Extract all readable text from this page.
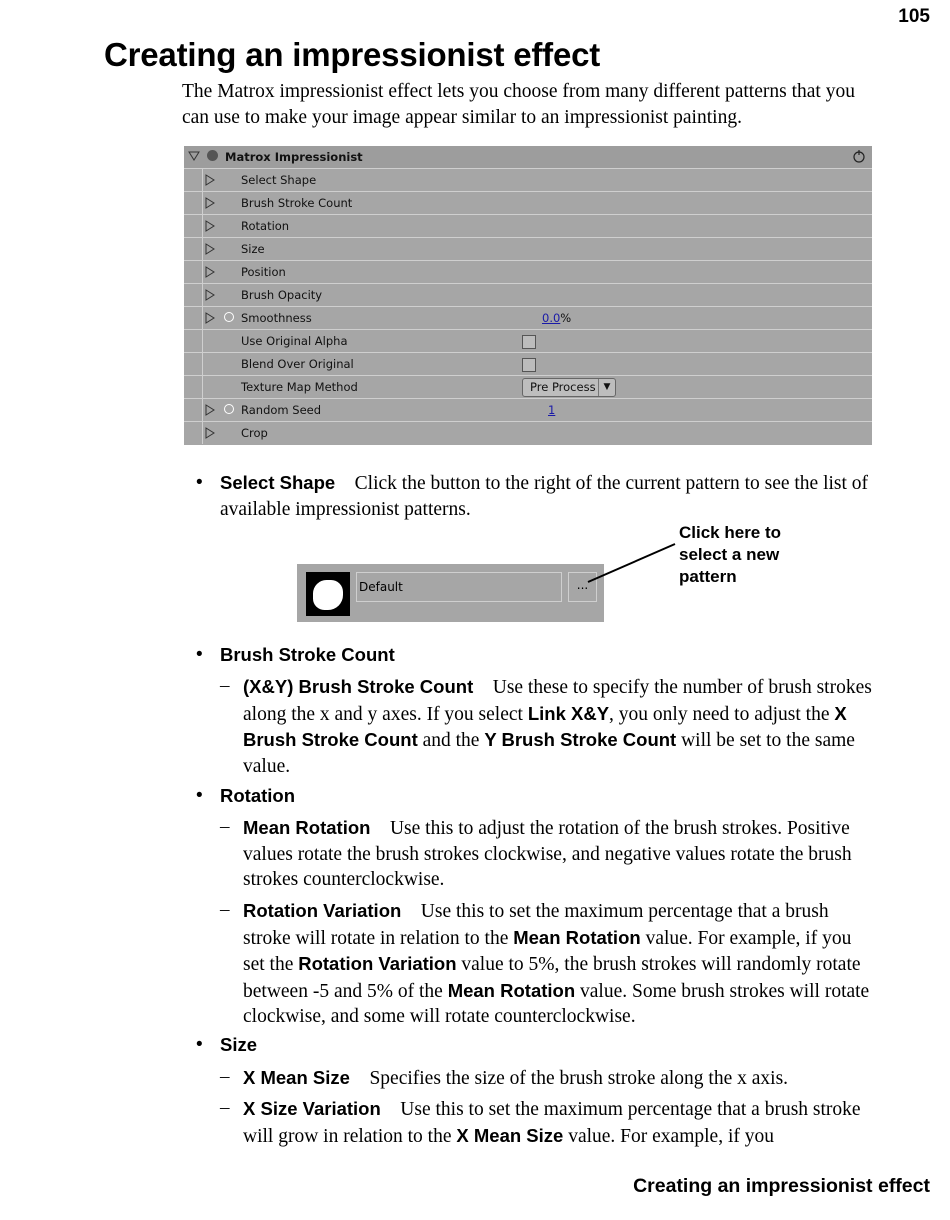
105
Creating an impressionist effect

The Matrox impressionist effect lets you choose from many different patterns that you can use to make your image appear similar to an impressionist painting.

Matrox Impressionist
Select Shape
Brush Stroke Count
Rotation
Size
Position
Brush Opacity
Smoothness	0.0%
Use Original Alpha
Blend Over Original
Texture Map Method	Pre Process ▼
Random Seed	1
Crop
• Select Shape Click the button to the right of the current pattern to see the list of available impressionist patterns.
Default	...
Click here to select a new pattern
• Brush Stroke Count
– (X&Y) Brush Stroke Count Use these to specify the number of brush strokes along the x and y axes. If you select Link X&Y, you only need to adjust the X Brush Stroke Count and the Y Brush Stroke Count will be set to the same value.
• Rotation
– Mean Rotation Use this to adjust the rotation of the brush strokes. Positive values rotate the brush strokes clockwise, and negative values rotate the brush strokes counterclockwise.
– Rotation Variation Use this to set the maximum percentage that a brush stroke will rotate in relation to the Mean Rotation value. For example, if you set the Rotation Variation value to 5%, the brush strokes will randomly rotate between -5 and 5% of the Mean Rotation value. Some brush strokes will rotate clockwise, and some will rotate counterclockwise.
• Size
– X Mean Size Specifies the size of the brush stroke along the x axis.
– X Size Variation Use this to set the maximum percentage that a brush stroke will grow in relation to the X Mean Size value. For example, if you
Creating an impressionist effect
